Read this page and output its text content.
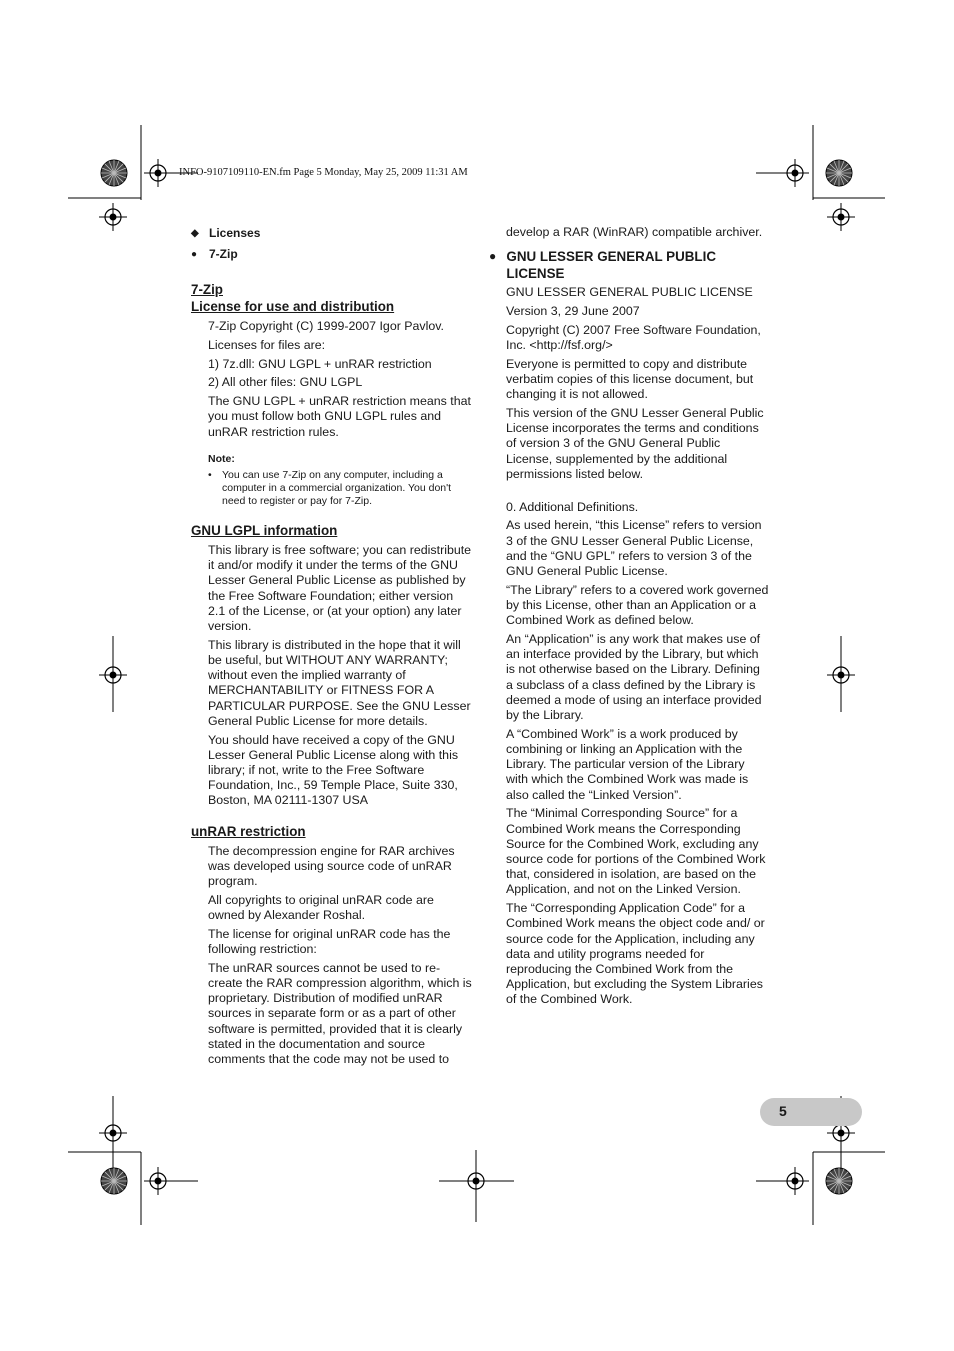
INFO-9107109110-EN.fm Page 5 Monday, May 25, 2009 11:31 AM
◆ Licenses
● 7-Zip
7-Zip
License for use and distribution

7-Zip Copyright (C) 1999-2007 Igor Pavlov.

Licenses for files are:

1) 7z.dll: GNU LGPL + unRAR restriction

2) All other files: GNU LGPL

The GNU LGPL + unRAR restriction means that you must follow both GNU LGPL rules and unRAR restriction rules.

Note:
• You can use 7-Zip on any computer, including a computer in a commercial organization. You don't need to register or pay for 7-Zip.
GNU LGPL information

This library is free software; you can redistribute it and/or modify it under the terms of the GNU Lesser General Public License as published by the Free Software Foundation; either version 2.1 of the License, or (at your option) any later version.

This library is distributed in the hope that it will be useful, but WITHOUT ANY WARRANTY; without even the implied warranty of MERCHANTABILITY or FITNESS FOR A PARTICULAR PURPOSE. See the GNU Lesser General Public License for more details.

You should have received a copy of the GNU Lesser General Public License along with this library; if not, write to the Free Software Foundation, Inc., 59 Temple Place, Suite 330, Boston, MA 02111-1307 USA

unRAR restriction

The decompression engine for RAR archives was developed using source code of unRAR program.

All copyrights to original unRAR code are owned by Alexander Roshal.

The license for original unRAR code has the following restriction:

The unRAR sources cannot be used to re-create the RAR compression algorithm, which is proprietary. Distribution of modified unRAR sources in separate form or as a part of other software is permitted, provided that it is clearly stated in the documentation and source comments that the code may not be used to

develop a RAR (WinRAR) compatible archiver.

● GNU LESSER GENERAL PUBLIC LICENSE

GNU LESSER GENERAL PUBLIC LICENSE

Version 3, 29 June 2007

Copyright (C) 2007 Free Software Foundation, Inc. <http://fsf.org/>

Everyone is permitted to copy and distribute verbatim copies of this license document, but changing it is not allowed.

This version of the GNU Lesser General Public License incorporates the terms and conditions of version 3 of the GNU General Public License, supplemented by the additional permissions listed below.

0. Additional Definitions.

As used herein, “this License” refers to version 3 of the GNU Lesser General Public License, and the “GNU GPL” refers to version 3 of the GNU General Public License.

“The Library” refers to a covered work governed by this License, other than an Application or a Combined Work as defined below.

An “Application” is any work that makes use of an interface provided by the Library, but which is not otherwise based on the Library. Defining a subclass of a class defined by the Library is deemed a mode of using an interface provided by the Library.

A “Combined Work” is a work produced by combining or linking an Application with the Library. The particular version of the Library with which the Combined Work was made is also called the “Linked Version”.

The “Minimal Corresponding Source” for a Combined Work means the Corresponding Source for the Combined Work, excluding any source code for portions of the Combined Work that, considered in isolation, are based on the Application, and not on the Linked Version.

The “Corresponding Application Code” for a Combined Work means the object code and/ or source code for the Application, including any data and utility programs needed for reproducing the Combined Work from the Application, but excluding the System Libraries of the Combined Work.

5
